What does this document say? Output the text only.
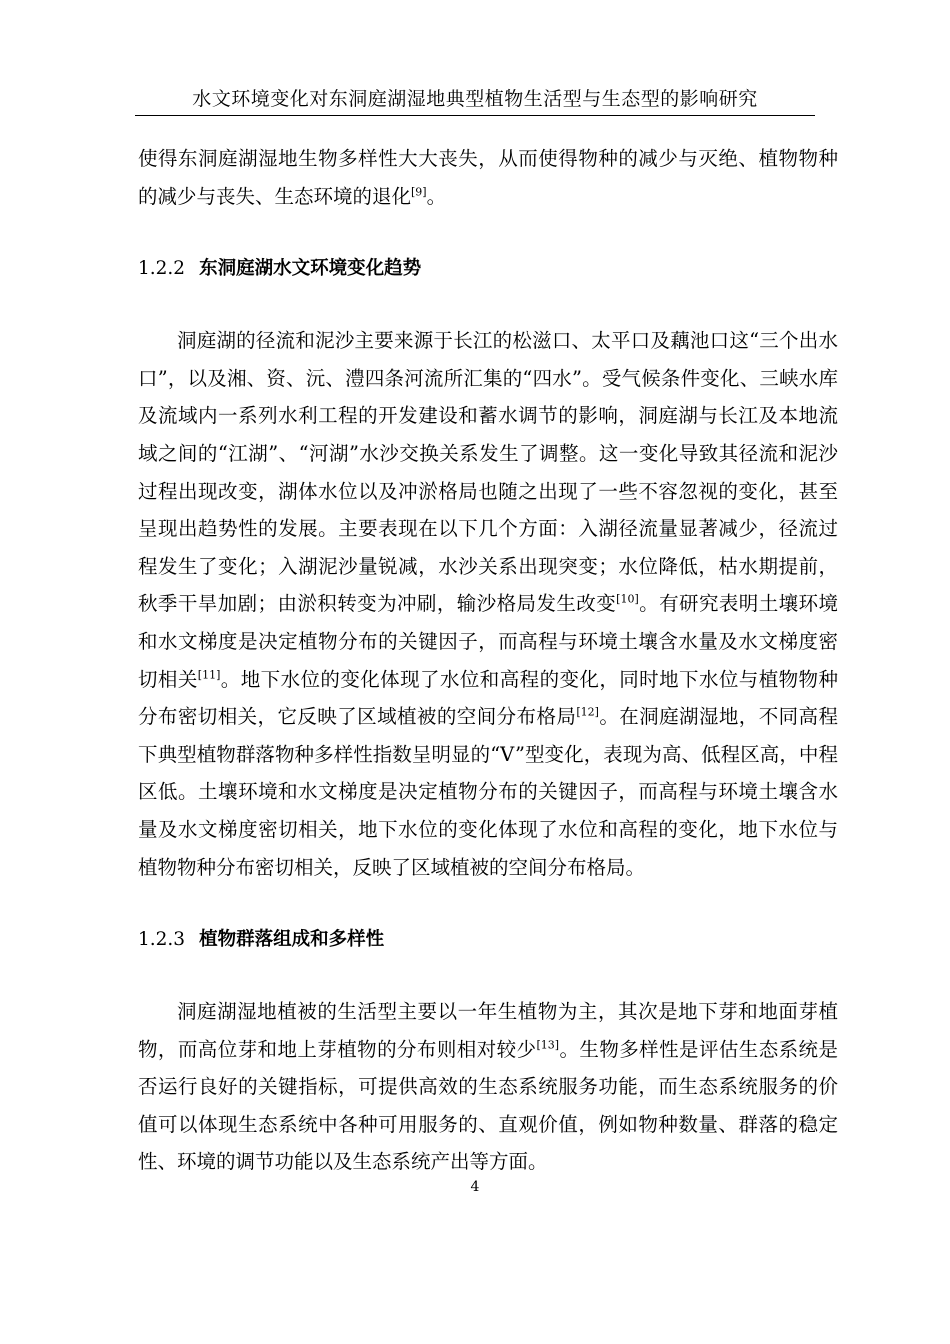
水文环境变化对东洞庭湖湿地典型植物生活型与生态型的影响研究

使得东洞庭湖湿地生物多样性大大丧失，从而使得物种的减少与灭绝、植物物种的减少与丧失、生态环境的退化[9]。

1.2.2 东洞庭湖水文环境变化趋势

洞庭湖的径流和泥沙主要来源于长江的松滋口、太平口及藕池口这“三个出水口”，以及湘、资、沅、澧四条河流所汇集的“四水”。受气候条件变化、三峡水库及流域内一系列水利工程的开发建设和蓄水调节的影响，洞庭湖与长江及本地流域之间的“江湖”、“河湖”水沙交换关系发生了调整。这一变化导致其径流和泥沙过程出现改变，湖体水位以及冲淤格局也随之出现了一些不容忽视的变化，甚至呈现出趋势性的发展。主要表现在以下几个方面：入湖径流量显著减少，径流过程发生了变化；入湖泥沙量锐减，水沙关系出现突变；水位降低，枯水期提前，秋季干旱加剧；由淤积转变为冲刷，输沙格局发生改变[10]。有研究表明土壤环境和水文梯度是决定植物分布的关键因子，而高程与环境土壤含水量及水文梯度密切相关[11]。地下水位的变化体现了水位和高程的变化，同时地下水位与植物物种分布密切相关，它反映了区域植被的空间分布格局[12]。在洞庭湖湿地，不同高程下典型植物群落物种多样性指数呈明显的“V”型变化，表现为高、低程区高，中程区低。土壤环境和水文梯度是决定植物分布的关键因子，而高程与环境土壤含水量及水文梯度密切相关，地下水位的变化体现了水位和高程的变化，地下水位与植物物种分布密切相关，反映了区域植被的空间分布格局。

1.2.3 植物群落组成和多样性

洞庭湖湿地植被的生活型主要以一年生植物为主，其次是地下芽和地面芽植物，而高位芽和地上芽植物的分布则相对较少[13]。生物多样性是评估生态系统是否运行良好的关键指标，可提供高效的生态系统服务功能，而生态系统服务的价值可以体现生态系统中各种可用服务的、直观价值，例如物种数量、群落的稳定性、环境的调节功能以及生态系统产出等方面。

4
